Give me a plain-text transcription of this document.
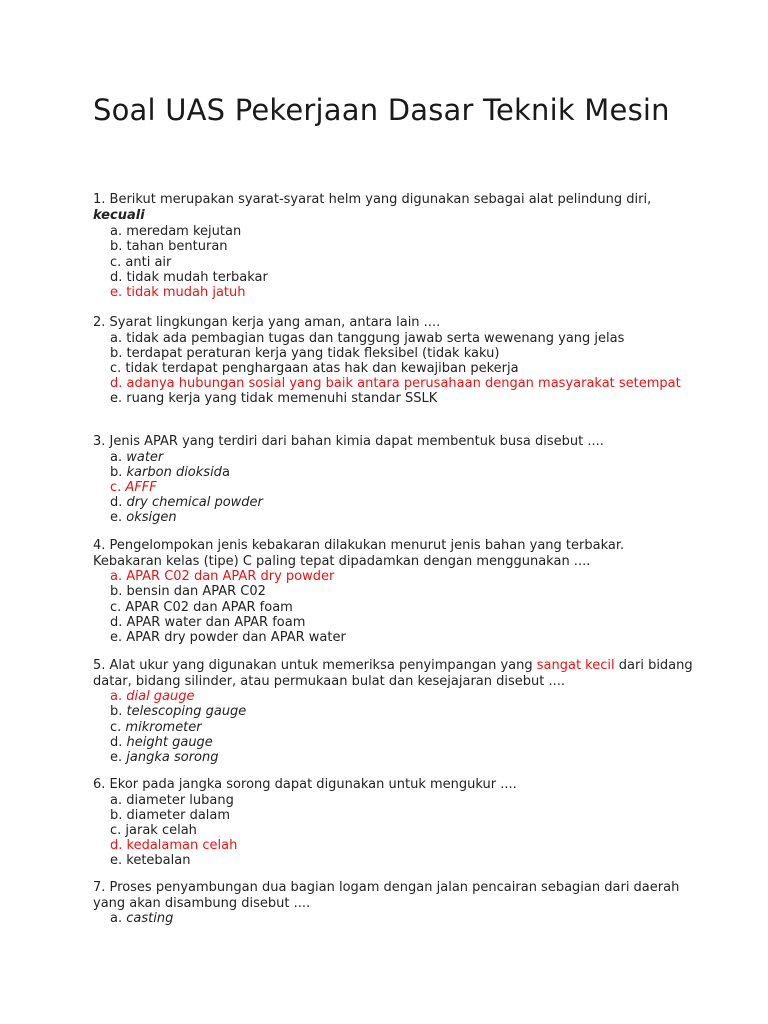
Soal UAS Pekerjaan Dasar Teknik Mesin

1. Berikut merupakan syarat-syarat helm yang digunakan sebagai alat pelindung diri, kecuali

a. meredam kejutan
b. tahan benturan
c. anti air
d. tidak mudah terbakar
e. tidak mudah jatuh

2. Syarat lingkungan kerja yang aman, antara lain ....

a. tidak ada pembagian tugas dan tanggung jawab serta wewenang yang jelas
b. terdapat peraturan kerja yang tidak fleksibel (tidak kaku)
c. tidak terdapat penghargaan atas hak dan kewajiban pekerja
d. adanya hubungan sosial yang baik antara perusahaan dengan masyarakat setempat
e. ruang kerja yang tidak memenuhi standar SSLK

3. Jenis APAR yang terdiri dari bahan kimia dapat membentuk busa disebut ....

a. water
b. karbon dioksida
c. AFFF
d. dry chemical powder
e. oksigen

4. Pengelompokan jenis kebakaran dilakukan menurut jenis bahan yang terbakar. Kebakaran kelas (tipe) C paling tepat dipadamkan dengan menggunakan ....

a. APAR C02 dan APAR dry powder
b. bensin dan APAR C02
c. APAR C02 dan APAR foam
d. APAR water dan APAR foam
e. APAR dry powder dan APAR water

5. Alat ukur yang digunakan untuk memeriksa penyimpangan yang sangat kecil dari bidang datar, bidang silinder, atau permukaan bulat dan kesejajaran disebut ....

a. dial gauge
b. telescoping gauge
c. mikrometer
d. height gauge
e. jangka sorong

6. Ekor pada jangka sorong dapat digunakan untuk mengukur ....

a. diameter lubang
b. diameter dalam
c. jarak celah
d. kedalaman celah
e. ketebalan

7. Proses penyambungan dua bagian logam dengan jalan pencairan sebagian dari daerah yang akan disambung disebut ....

a. casting
